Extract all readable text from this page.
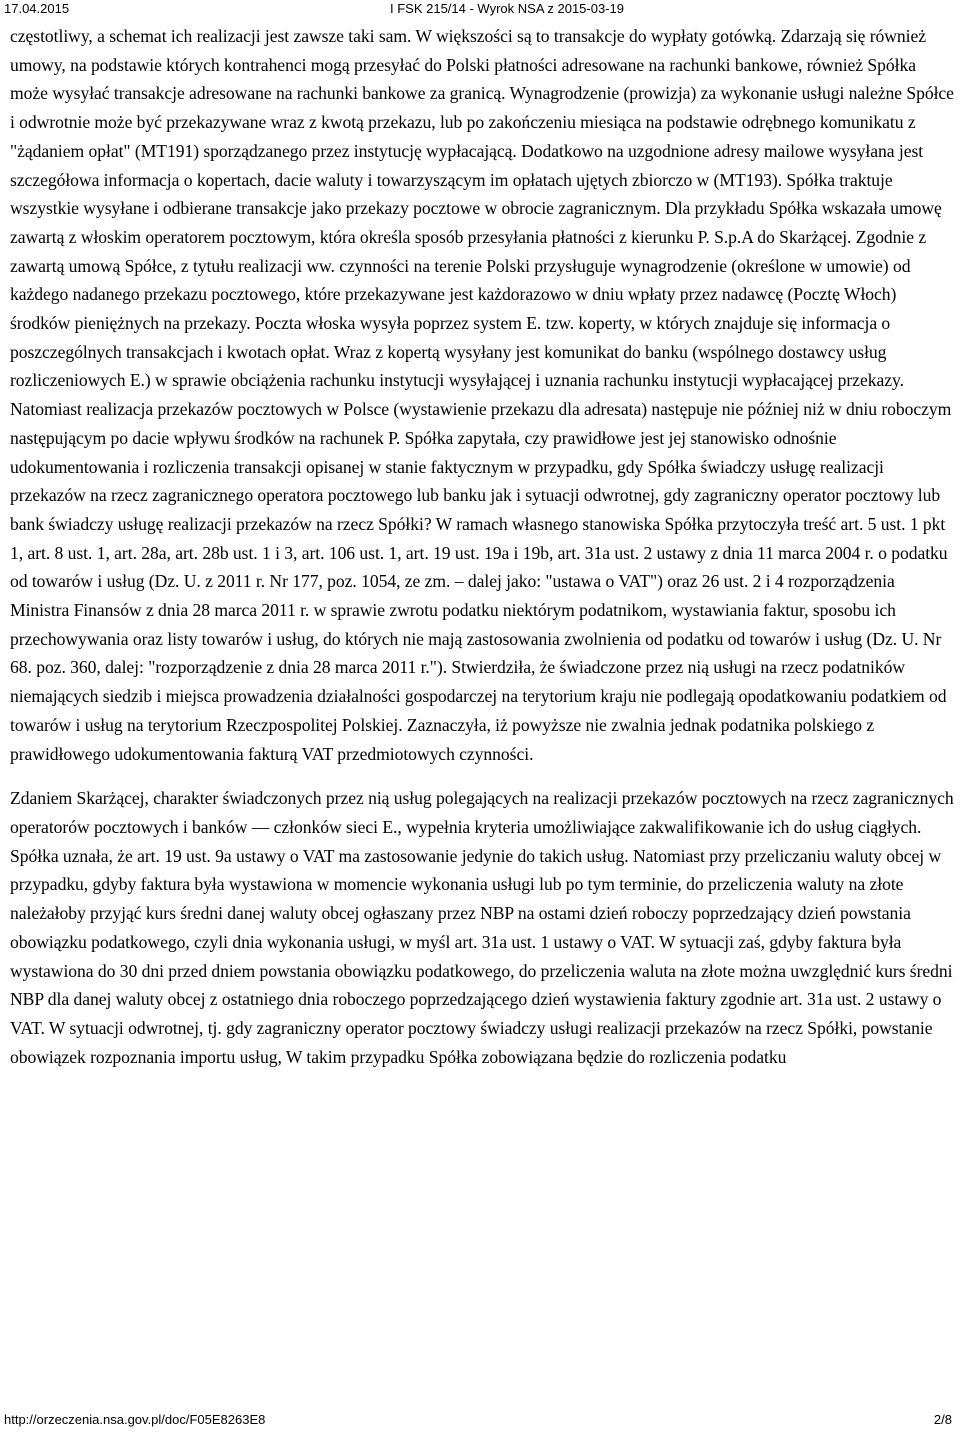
17.04.2015	I FSK 215/14 - Wyrok NSA z 2015-03-19

częstotliwy, a schemat ich realizacji jest zawsze taki sam. W większości są to transakcje do wypłaty gotówką. Zdarzają się również umowy, na podstawie których kontrahenci mogą przesyłać do Polski płatności adresowane na rachunki bankowe, również Spółka może wysyłać transakcje adresowane na rachunki bankowe za granicą. Wynagrodzenie (prowizja) za wykonanie usługi należne Spółce i odwrotnie może być przekazywane wraz z kwotą przekazu, lub po zakończeniu miesiąca na podstawie odrębnego komunikatu z "żądaniem opłat" (MT191) sporządzanego przez instytucję wypłacającą. Dodatkowo na uzgodnione adresy mailowe wysyłana jest szczegółowa informacja o kopertach, dacie waluty i towarzyszącym im opłatach ujętych zbiorczo w (MT193). Spółka traktuje wszystkie wysyłane i odbierane transakcje jako przekazy pocztowe w obrocie zagranicznym. Dla przykładu Spółka wskazała umowę zawartą z włoskim operatorem pocztowym, która określa sposób przesyłania płatności z kierunku P. S.p.A do Skarżącej. Zgodnie z zawartą umową Spółce, z tytułu realizacji ww. czynności na terenie Polski przysługuje wynagrodzenie (określone w umowie) od każdego nadanego przekazu pocztowego, które przekazywane jest każdorazowo w dniu wpłaty przez nadawcę (Pocztę Włoch) środków pieniężnych na przekazy. Poczta włoska wysyła poprzez system E. tzw. koperty, w których znajduje się informacja o poszczególnych transakcjach i kwotach opłat. Wraz z kopertą wysyłany jest komunikat do banku (wspólnego dostawcy usług rozliczeniowych E.) w sprawie obciążenia rachunku instytucji wysyłającej i uznania rachunku instytucji wypłacającej przekazy. Natomiast realizacja przekazów pocztowych w Polsce (wystawienie przekazu dla adresata) następuje nie później niż w dniu roboczym następującym po dacie wpływu środków na rachunek P. Spółka zapytała, czy prawidłowe jest jej stanowisko odnośnie udokumentowania i rozliczenia transakcji opisanej w stanie faktycznym w przypadku, gdy Spółka świadczy usługę realizacji przekazów na rzecz zagranicznego operatora pocztowego lub banku jak i sytuacji odwrotnej, gdy zagraniczny operator pocztowy lub bank świadczy usługę realizacji przekazów na rzecz Spółki? W ramach własnego stanowiska Spółka przytoczyła treść art. 5 ust. 1 pkt 1, art. 8 ust. 1, art. 28a, art. 28b ust. 1 i 3, art. 106 ust. 1, art. 19 ust. 19a i 19b, art. 31a ust. 2 ustawy z dnia 11 marca 2004 r. o podatku od towarów i usług (Dz. U. z 2011 r. Nr 177, poz. 1054, ze zm. – dalej jako: "ustawa o VAT") oraz 26 ust. 2 i 4 rozporządzenia Ministra Finansów z dnia 28 marca 2011 r. w sprawie zwrotu podatku niektórym podatnikom, wystawiania faktur, sposobu ich przechowywania oraz listy towarów i usług, do których nie mają zastosowania zwolnienia od podatku od towarów i usług (Dz. U. Nr 68. poz. 360, dalej: "rozporządzenie z dnia 28 marca 2011 r."). Stwierdziła, że świadczone przez nią usługi na rzecz podatników niemających siedzib i miejsca prowadzenia działalności gospodarczej na terytorium kraju nie podlegają opodatkowaniu podatkiem od towarów i usług na terytorium Rzeczpospolitej Polskiej. Zaznaczyła, iż powyższe nie zwalnia jednak podatnika polskiego z prawidłowego udokumentowania fakturą VAT przedmiotowych czynności.

Zdaniem Skarżącej, charakter świadczonych przez nią usług polegających na realizacji przekazów pocztowych na rzecz zagranicznych operatorów pocztowych i banków — członków sieci E., wypełnia kryteria umożliwiające zakwalifikowanie ich do usług ciągłych. Spółka uznała, że art. 19 ust. 9a ustawy o VAT ma zastosowanie jedynie do takich usług. Natomiast przy przeliczaniu waluty obcej w przypadku, gdyby faktura była wystawiona w momencie wykonania usługi lub po tym terminie, do przeliczenia waluty na złote należałoby przyjąć kurs średni danej waluty obcej ogłaszany przez NBP na ostami dzień roboczy poprzedzający dzień powstania obowiązku podatkowego, czyli dnia wykonania usługi, w myśl art. 31a ust. 1 ustawy o VAT. W sytuacji zaś, gdyby faktura była wystawiona do 30 dni przed dniem powstania obowiązku podatkowego, do przeliczenia waluta na złote można uwzględnić kurs średni NBP dla danej waluty obcej z ostatniego dnia roboczego poprzedzającego dzień wystawienia faktury zgodnie art. 31a ust. 2 ustawy o VAT. W sytuacji odwrotnej, tj. gdy zagraniczny operator pocztowy świadczy usługi realizacji przekazów na rzecz Spółki, powstanie obowiązek rozpoznania importu usług, W takim przypadku Spółka zobowiązana będzie do rozliczenia podatku

http://orzeczenia.nsa.gov.pl/doc/F05E8263E8	2/8
